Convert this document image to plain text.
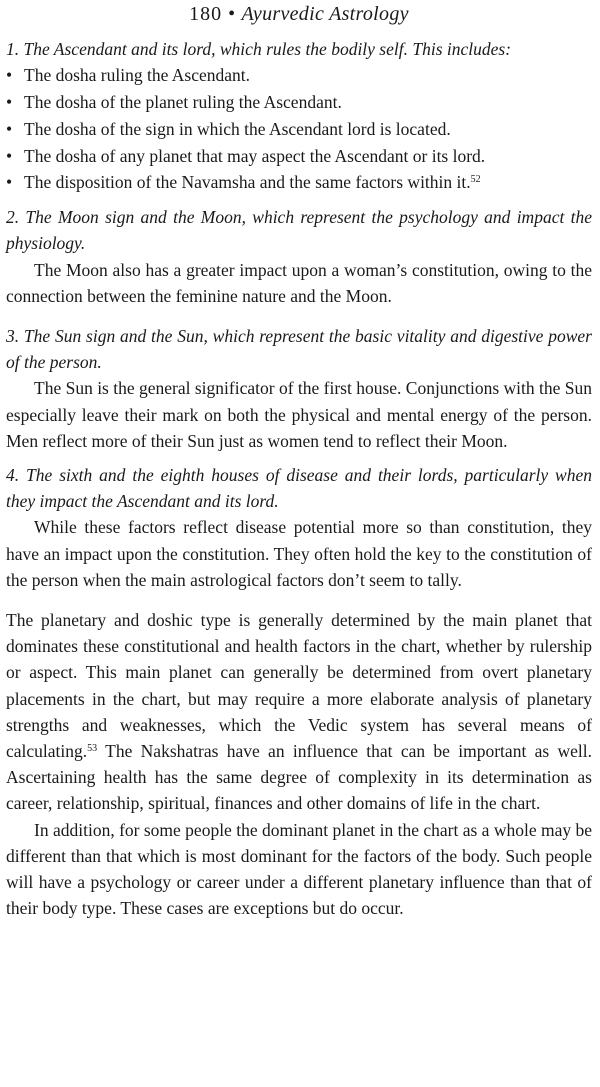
180 • Ayurvedic Astrology

1. The Ascendant and its lord, which rules the bodily self. This includes:

• The dosha ruling the Ascendant.
• The dosha of the planet ruling the Ascendant.
• The dosha of the sign in which the Ascendant lord is located.
• The dosha of any planet that may aspect the Ascendant or its lord.
• The disposition of the Navamsha and the same factors within it.$^{52}$

2. The Moon sign and the Moon, which represent the psychology and impact the physiology.

The Moon also has a greater impact upon a woman’s constitution, owing to the connection between the feminine nature and the Moon.

3. The Sun sign and the Sun, which represent the basic vitality and digestive power of the person.

The Sun is the general significator of the first house. Conjunctions with the Sun especially leave their mark on both the physical and mental energy of the person. Men reflect more of their Sun just as women tend to reflect their Moon.

4. The sixth and the eighth houses of disease and their lords, particularly when they impact the Ascendant and its lord.

While these factors reflect disease potential more so than constitution, they have an impact upon the constitution. They often hold the key to the constitution of the person when the main astrological factors don’t seem to tally.

The planetary and doshic type is generally determined by the main planet that dominates these constitutional and health factors in the chart, whether by rulership or aspect. This main planet can generally be determined from overt planetary placements in the chart, but may require a more elaborate analysis of planetary strengths and weaknesses, which the Vedic system has several means of calculating.$^{53}$ The Nakshatras have an influence that can be important as well. Ascertaining health has the same degree of complexity in its determination as career, relationship, spiritual, finances and other domains of life in the chart.

In addition, for some people the dominant planet in the chart as a whole may be different than that which is most dominant for the factors of the body. Such people will have a psychology or career under a different planetary influence than that of their body type. These cases are exceptions but do occur.
